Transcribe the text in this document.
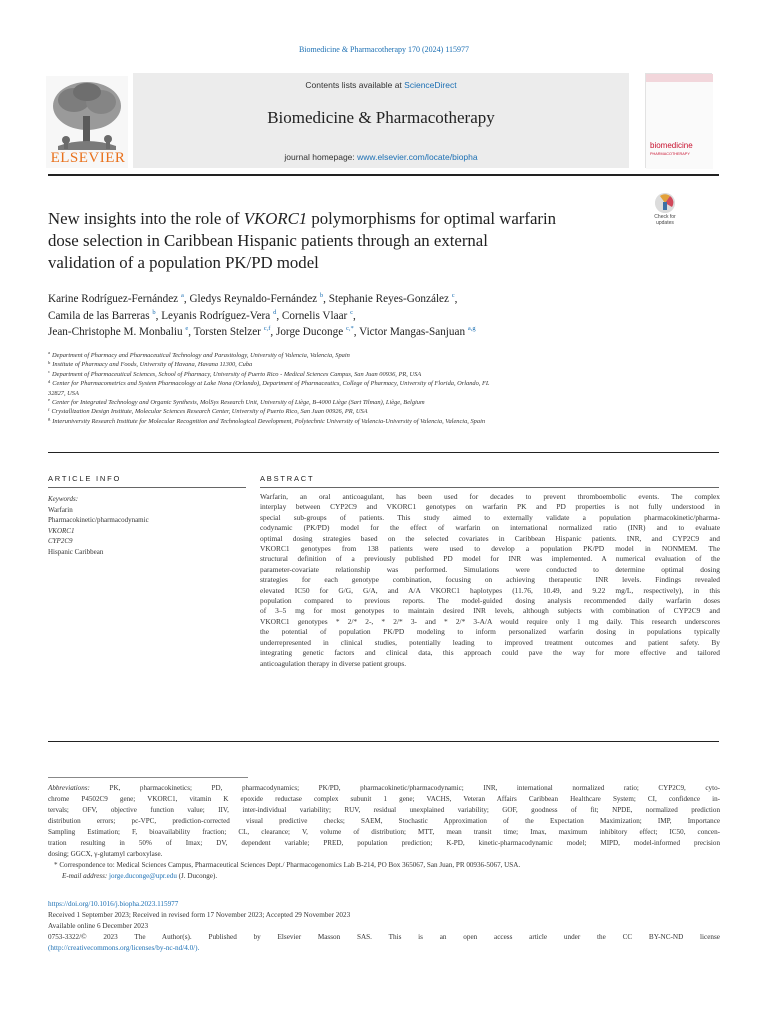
Biomedicine & Pharmacotherapy 170 (2024) 115977
ELSEVIER
Contents lists available at ScienceDirect
Biomedicine & Pharmacotherapy
journal homepage: www.elsevier.com/locate/biopha
biomedicine
PHARMACOTHERAPY
Check for
updates
New insights into the role of VKORC1 polymorphisms for optimal warfarin
dose selection in Caribbean Hispanic patients through an external
validation of a population PK/PD model
Karine Rodríguez-Fernández $^a$, Gledys Reynaldo-Fernández $^b$, Stephanie Reyes-González $^c$,
Camila de las Barreras $^b$, Leyanis Rodríguez-Vera $^d$, Cornelis Vlaar $^c$,
Jean-Christophe M. Monbaliu $^e$, Torsten Stelzer $^{c,f}$, Jorge Duconge $^{c,*}$, Victor Mangas-Sanjuan $^{a,g}$
$^a$ Department of Pharmacy and Pharmaceutical Technology and Parasitology, University of Valencia, Valencia, Spain
$^b$ Institute of Pharmacy and Foods, University of Havana, Havana 11300, Cuba
$^c$ Department of Pharmaceutical Sciences, School of Pharmacy, University of Puerto Rico - Medical Sciences Campus, San Juan 00936, PR, USA
$^d$ Center for Pharmacometrics and System Pharmacology at Lake Nona (Orlando), Department of Pharmaceutics, College of Pharmacy, University of Florida, Orlando, FL
32827, USA
$^e$ Center for Integrated Technology and Organic Synthesis, MolSys Research Unit, University of Liège, B-4000 Liège (Sart Tilman), Liège, Belgium
$^f$ Crystallization Design Institute, Molecular Sciences Research Center, University of Puerto Rico, San Juan 00926, PR, USA
$^g$ Interuniversity Research Institute for Molecular Recognition and Technological Development, Polytechnic University of Valencia-University of Valencia, Valencia, Spain
ARTICLE INFO
Keywords:
Warfarin
Pharmacokinetic/pharmacodynamic
VKORC1
CYP2C9
Hispanic Caribbean
ABSTRACT
Warfarin, an oral anticoagulant, has been used for decades to prevent thromboembolic events. The complex
interplay between CYP2C9 and VKORC1 genotypes on warfarin PK and PD properties is not fully understood in
special sub-groups of patients. This study aimed to externally validate a population pharmacokinetic/pharma-
codynamic (PK/PD) model for the effect of warfarin on international normalized ratio (INR) and to evaluate
optimal dosing strategies based on the selected covariates in Caribbean Hispanic patients. INR, and CYP2C9 and
VKORC1 genotypes from 138 patients were used to develop a population PK/PD model in NONMEM. The
structural definition of a previously published PD model for INR was implemented. A numerical evaluation of the
parameter-covariate relationship was performed. Simulations were conducted to determine optimal dosing
strategies for each genotype combination, focusing on achieving therapeutic INR levels. Findings revealed
elevated IC50 for G/G, G/A, and A/A VKORC1 haplotypes (11.76, 10.49, and 9.22 mg/L, respectively), in this
population compared to previous reports. The model-guided dosing analysis recommended daily warfarin doses
of 3–5 mg for most genotypes to maintain desired INR levels, although subjects with combination of CYP2C9 and
VKORC1 genotypes * 2/* 2-, * 2/* 3- and * 2/* 3-A/A would require only 1 mg daily. This research underscores
the potential of population PK/PD modeling to inform personalized warfarin dosing in populations typically
underrepresented in clinical studies, potentially leading to improved treatment outcomes and patient safety. By
integrating genetic factors and clinical data, this approach could pave the way for more effective and tailored
anticoagulation therapy in diverse patient groups.
Abbreviations:	PK, pharmacokinetics; PD, pharmacodynamics; PK/PD, pharmacokinetic/pharmacodynamic; INR, international normalized ratio; CYP2C9, cyto-
chrome P4502C9 gene; VKORC1, vitamin K epoxide reductase complex subunit 1 gene; VACHS, Veteran Affairs Caribbean Healthcare System; CI, confidence in-
tervals; OFV, objective function value; IIV, inter-individual variability; RUV, residual unexplained variability; GOF, goodness of fit; NPDE, normalized prediction
distribution errors; pc-VPC, prediction-corrected visual predictive checks; SAEM, Stochastic Approximation of the Expectation Maximization; IMP, Importance
Sampling Estimation; F, bioavailability fraction; CL, clearance; V, volume of distribution; MTT, mean transit time; Imax, maximum inhibitory effect; IC50, concen-
tration resulting in 50% of Imax; DV, dependent variable; PRED, population prediction; K-PD, kinetic-pharmacodynamic model; MIPD, model-informed precision
dosing; GGCX, γ-glutamyl carboxylase.
* Correspondence to: Medical Sciences Campus, Pharmaceutical Sciences Dept./ Pharmacogenomics Lab B-214, PO Box 365067, San Juan, PR 00936-5067, USA.
E-mail address: jorge.duconge@upr.edu (J. Duconge).
https://doi.org/10.1016/j.biopha.2023.115977
Received 1 September 2023; Received in revised form 17 November 2023; Accepted 29 November 2023
Available online 6 December 2023
0753-3322/© 2023 The Author(s). Published by Elsevier Masson SAS. This is an open access article under the CC BY-NC-ND license
(http://creativecommons.org/licenses/by-nc-nd/4.0/).
